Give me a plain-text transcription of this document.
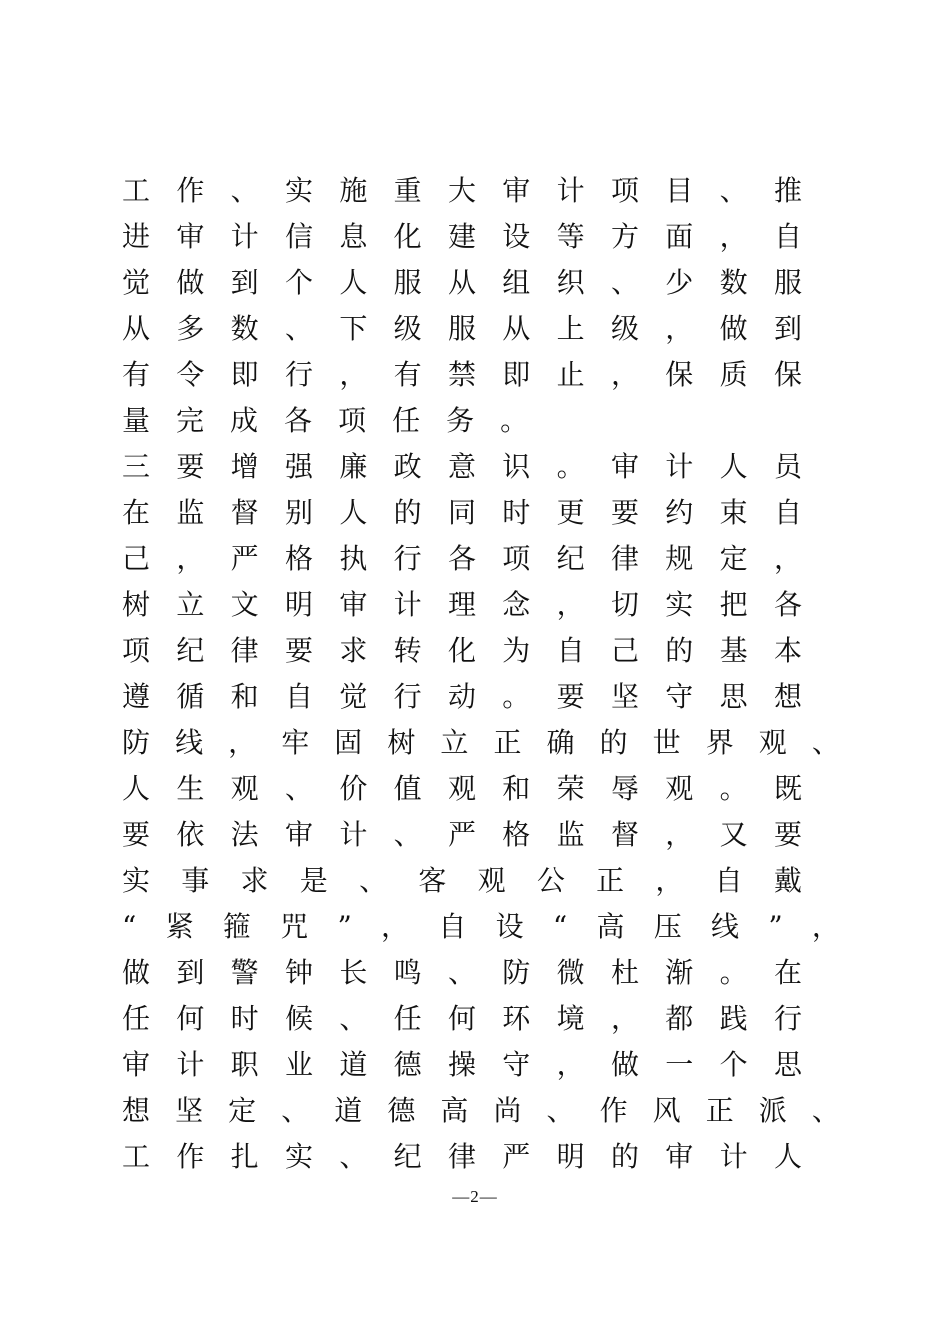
工 作 、 实 施 重 大 审 计 项 目 、 推
进 审 计 信 息 化 建 设 等 方 面 ， 自
觉 做 到 个 人 服 从 组 织 、 少 数 服
从 多 数 、 下 级 服 从 上 级 ， 做 到
有 令 即 行 ， 有 禁 即 止 ， 保 质 保
量 完 成 各 项 任 务 。
三 要 增 强 廉 政 意 识 。 审 计 人 员
在 监 督 别 人 的 同 时 更 要 约 束 自
己 ， 严 格 执 行 各 项 纪 律 规 定 ，
树 立 文 明 审 计 理 念 ， 切 实 把 各
项 纪 律 要 求 转 化 为 自 己 的 基 本
遵 循 和 自 觉 行 动 。 要 坚 守 思 想
防 线 ， 牢 固 树 立 正 确 的 世 界 观 、
人 生 观 、 价 值 观 和 荣 辱 观 。 既
要 依 法 审 计 、 严 格 监 督 ， 又 要
实 事 求 是 、 客 观 公 正 ， 自 戴
“ 紧 箍 咒 ” ， 自 设 “ 高 压 线 ” ，
做 到 警 钟 长 鸣 、 防 微 杜 渐 。 在
任 何 时 候 、 任 何 环 境 ， 都 践 行
审 计 职 业 道 德 操 守 ， 做 一 个 思
想 坚 定 、 道 德 高 尚 、 作 风 正 派 、
工 作 扎 实 、 纪 律 严 明 的 审 计 人
—2—
